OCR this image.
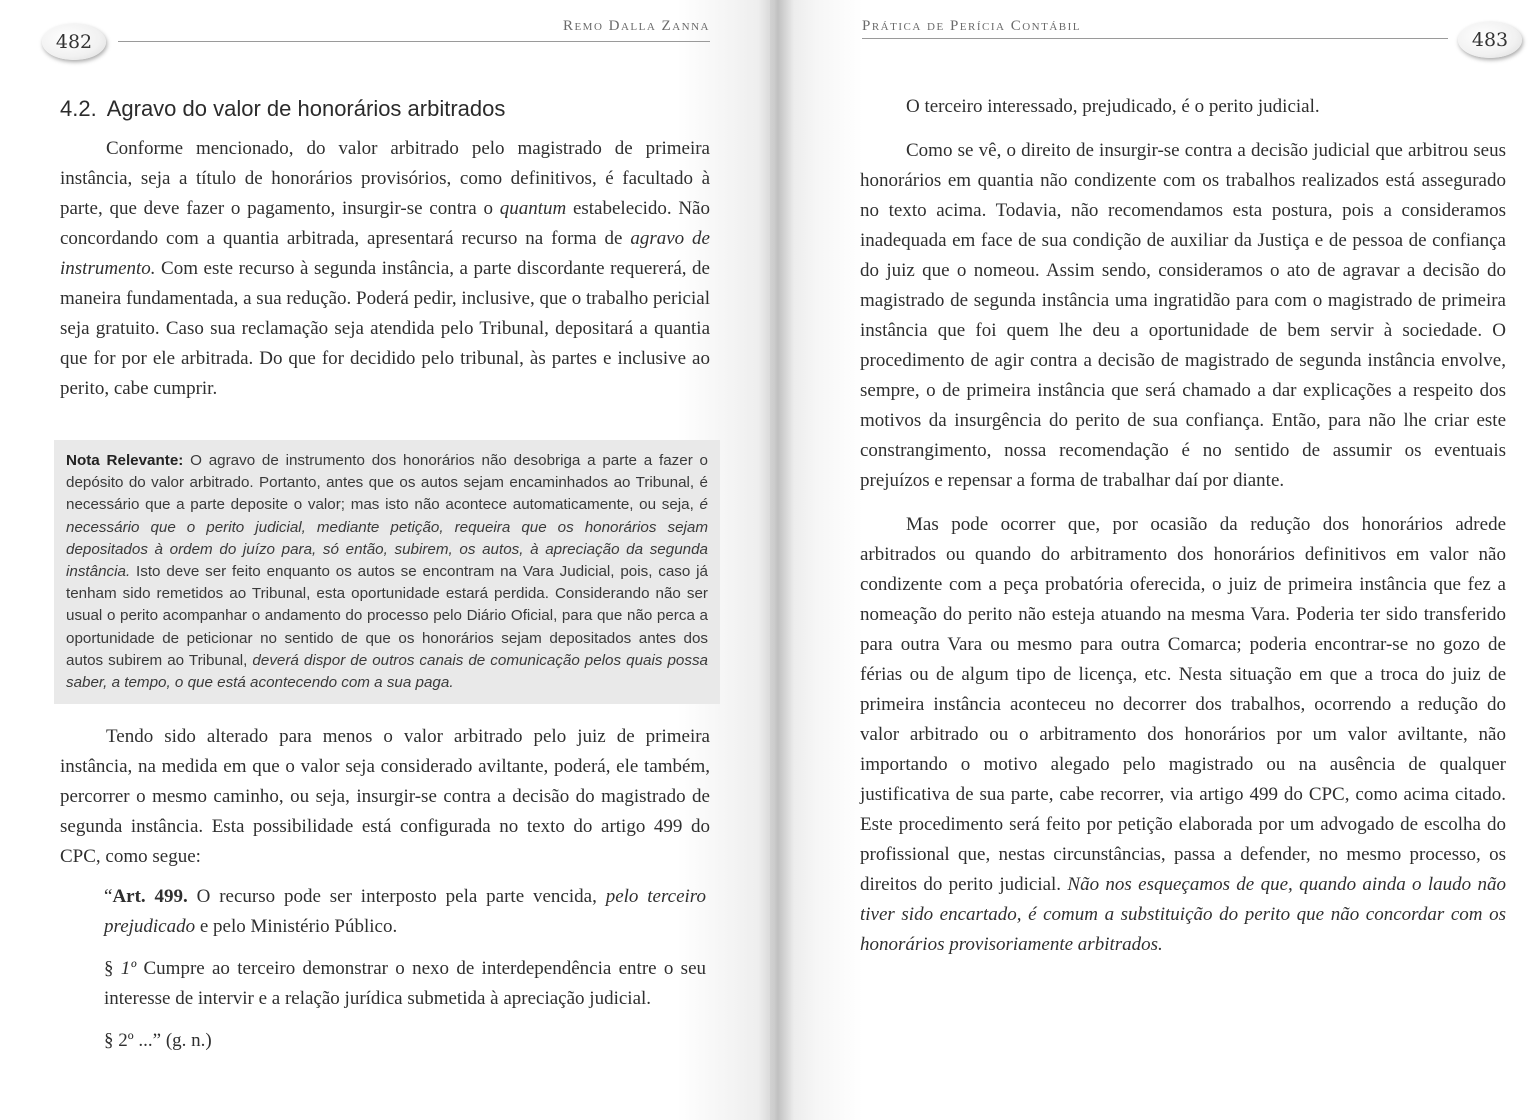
482
Remo Dalla Zanna
4.2. Agravo do valor de honorários arbitrados

Conforme mencionado, do valor arbitrado pelo magistrado de primeira instância, seja a título de honorários provisórios, como definitivos, é facultado à parte, que deve fazer o pagamento, insurgir-se contra o quantum estabelecido. Não concordando com a quantia arbitrada, apresentará recurso na forma de agravo de instrumento. Com este recurso à segunda instância, a parte discordante requererá, de maneira fundamentada, a sua redução. Poderá pedir, inclusive, que o trabalho pericial seja gratuito. Caso sua reclamação seja atendida pelo Tribunal, depositará a quantia que for por ele arbitrada. Do que for decidido pelo tribunal, às partes e inclusive ao perito, cabe cumprir.

Nota Relevante: O agravo de instrumento dos honorários não desobriga a parte a fazer o depósito do valor arbitrado. Portanto, antes que os autos sejam encaminhados ao Tribunal, é necessário que a parte deposite o valor; mas isto não acontece automaticamente, ou seja, é necessário que o perito judicial, mediante petição, requeira que os honorários sejam depositados à ordem do juízo para, só então, subirem, os autos, à apreciação da segunda instância. Isto deve ser feito enquanto os autos se encontram na Vara Judicial, pois, caso já tenham sido remetidos ao Tribunal, esta oportunidade estará perdida. Considerando não ser usual o perito acompanhar o andamento do processo pelo Diário Oficial, para que não perca a oportunidade de peticionar no sentido de que os honorários sejam depositados antes dos autos subirem ao Tribunal, deverá dispor de outros canais de comunicação pelos quais possa saber, a tempo, o que está acontecendo com a sua paga.

Tendo sido alterado para menos o valor arbitrado pelo juiz de primeira instância, na medida em que o valor seja considerado aviltante, poderá, ele também, percorrer o mesmo caminho, ou seja, insurgir-se contra a decisão do magistrado de segunda instância. Esta possibilidade está configurada no texto do artigo 499 do CPC, como segue:

“Art. 499. O recurso pode ser interposto pela parte vencida, pelo terceiro prejudicado e pelo Ministério Público.

§ 1º Cumpre ao terceiro demonstrar o nexo de interdependência entre o seu interesse de intervir e a relação jurídica submetida à apreciação judicial.

§ 2º ...” (g. n.)

Prática de Perícia Contábil
483

O terceiro interessado, prejudicado, é o perito judicial.

Como se vê, o direito de insurgir-se contra a decisão judicial que arbitrou seus honorários em quantia não condizente com os trabalhos realizados está assegurado no texto acima. Todavia, não recomendamos esta postura, pois a consideramos inadequada em face de sua condição de auxiliar da Justiça e de pessoa de confiança do juiz que o nomeou. Assim sendo, consideramos o ato de agravar a decisão do magistrado de segunda instância uma ingratidão para com o magistrado de primeira instância que foi quem lhe deu a oportunidade de bem servir à sociedade. O procedimento de agir contra a decisão de magistrado de segunda instância envolve, sempre, o de primeira instância que será chamado a dar explicações a respeito dos motivos da insurgência do perito de sua confiança. Então, para não lhe criar este constrangimento, nossa recomendação é no sentido de assumir os eventuais prejuízos e repensar a forma de trabalhar daí por diante.

Mas pode ocorrer que, por ocasião da redução dos honorários adredе arbitrados ou quando do arbitramento dos honorários definitivos em valor não condizente com a peça probatória oferecida, o juiz de primeira instância que fez a nomeação do perito não esteja atuando na mesma Vara. Poderia ter sido transferido para outra Vara ou mesmo para outra Comarca; poderia encontrar-se no gozo de férias ou de algum tipo de licença, etc. Nesta situação em que a troca do juiz de primeira instância aconteceu no decorrer dos trabalhos, ocorrendo a redução do valor arbitrado ou o arbitramento dos honorários por um valor aviltante, não importando o motivo alegado pelo magistrado ou na ausência de qualquer justificativa de sua parte, cabe recorrer, via artigo 499 do CPC, como acima citado. Este procedimento será feito por petição elaborada por um advogado de escolha do profissional que, nestas circunstâncias, passa a defender, no mesmo processo, os direitos do perito judicial. Não nos esqueçamos de que, quando ainda o laudo não tiver sido encartado, é comum a substituição do perito que não concordar com os honorários provisoriamente arbitrados.
